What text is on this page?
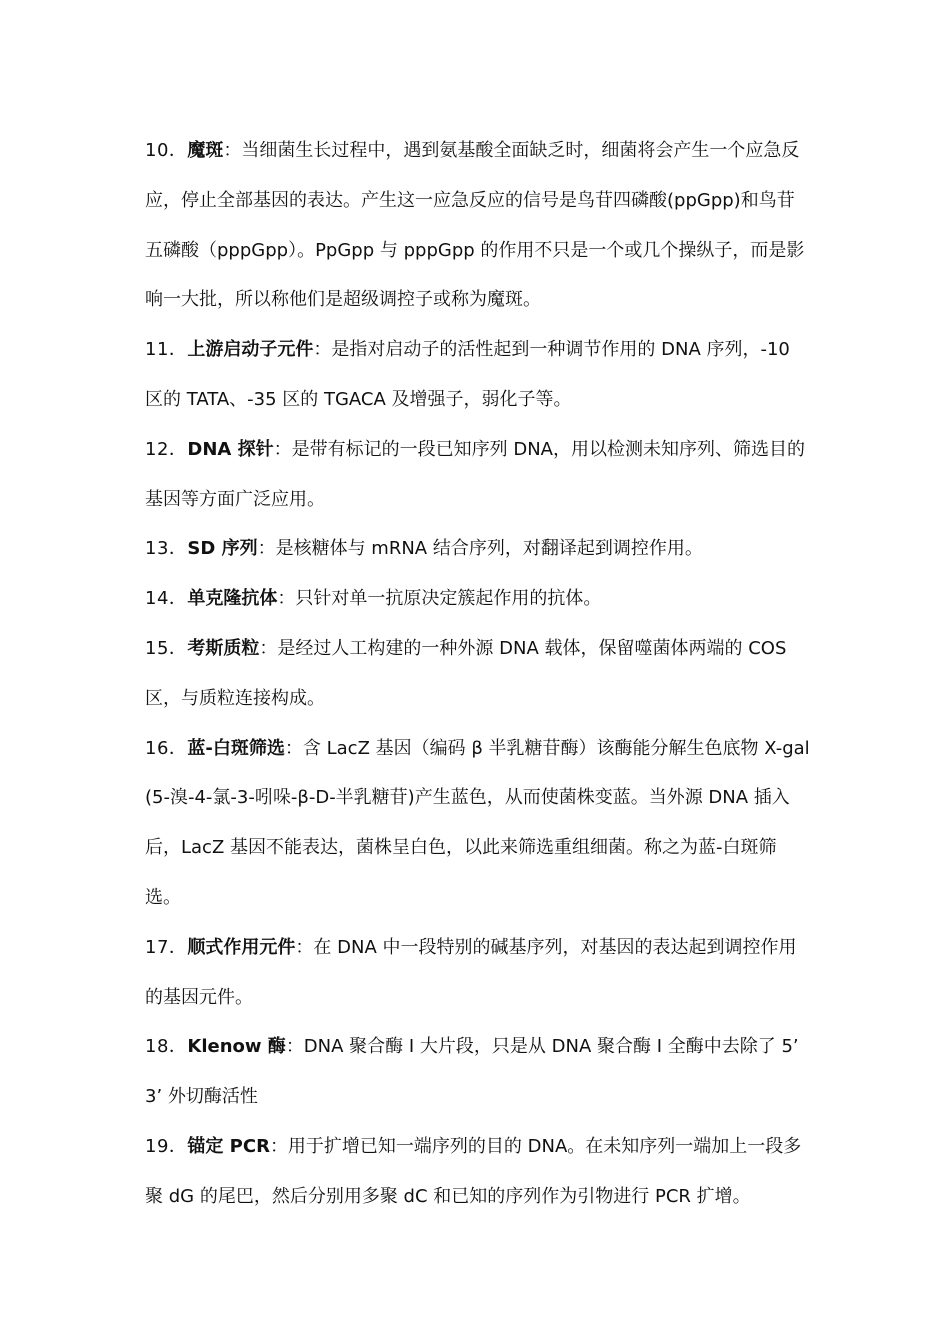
10．魔斑：当细菌生长过程中，遇到氨基酸全面缺乏时，细菌将会产生一个应急反应，停止全部基因的表达。产生这一应急反应的信号是鸟苷四磷酸(ppGpp)和鸟苷五磷酸（pppGpp）。PpGpp 与 pppGpp 的作用不只是一个或几个操纵子，而是影响一大批，所以称他们是超级调控子或称为魔斑。

11．上游启动子元件：是指对启动子的活性起到一种调节作用的 DNA 序列，-10 区的 TATA、-35 区的 TGACA 及增强子，弱化子等。

12．DNA 探针：是带有标记的一段已知序列 DNA，用以检测未知序列、筛选目的基因等方面广泛应用。

13．SD 序列：是核糖体与 mRNA 结合序列，对翻译起到调控作用。

14．单克隆抗体：只针对单一抗原决定簇起作用的抗体。

15．考斯质粒：是经过人工构建的一种外源 DNA 载体，保留噬菌体两端的 COS 区，与质粒连接构成。

16．蓝-白斑筛选：含 LacZ 基因（编码 β 半乳糖苷酶）该酶能分解生色底物 X-gal(5-溴-4-氯-3-吲哚-β-D-半乳糖苷)产生蓝色，从而使菌株变蓝。当外源 DNA 插入后，LacZ 基因不能表达，菌株呈白色，以此来筛选重组细菌。称之为蓝-白斑筛选。

17．顺式作用元件：在 DNA 中一段特别的碱基序列，对基因的表达起到调控作用的基因元件。

18．Klenow 酶：DNA 聚合酶 I 大片段，只是从 DNA 聚合酶 I 全酶中去除了 5’ 3’ 外切酶活性

19．锚定 PCR：用于扩增已知一端序列的目的 DNA。在未知序列一端加上一段多聚 dG 的尾巴，然后分别用多聚 dC 和已知的序列作为引物进行 PCR 扩增。
